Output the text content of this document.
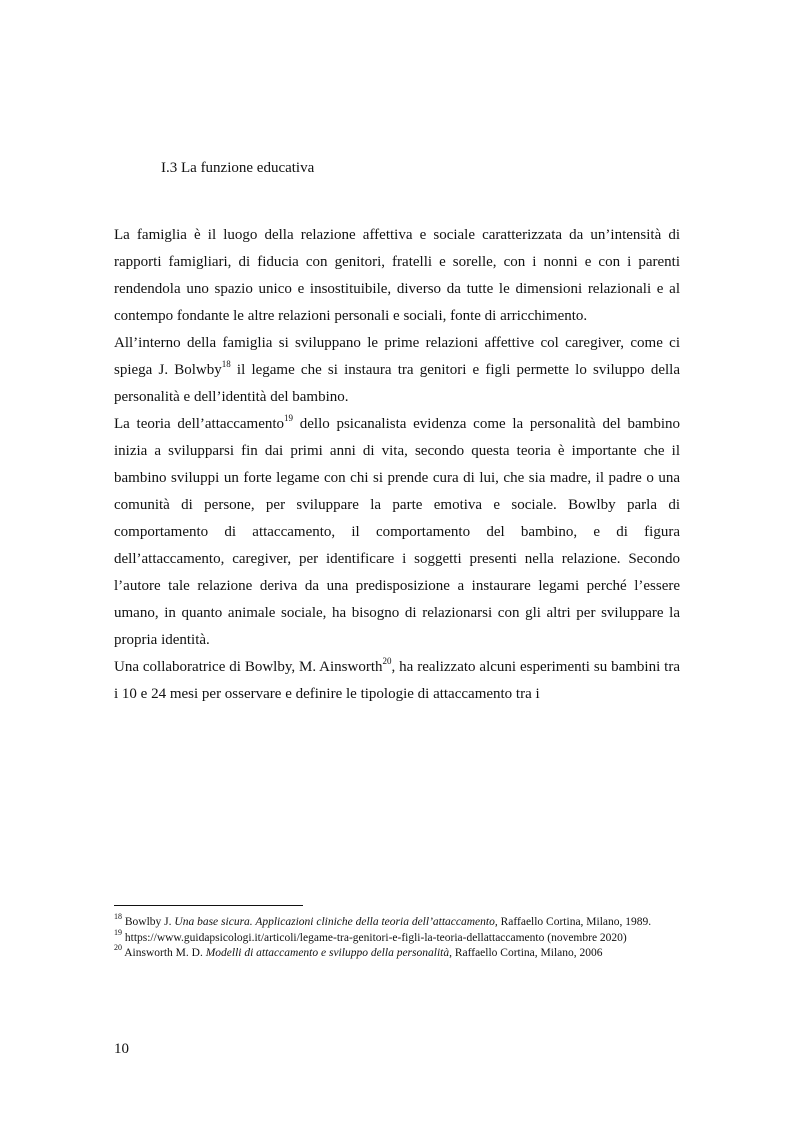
I.3 La funzione educativa

La famiglia è il luogo della relazione affettiva e sociale caratterizzata da un’intensità di rapporti famigliari, di fiducia con genitori, fratelli e sorelle, con i nonni e con i parenti rendendola uno spazio unico e insostituibile, diverso da tutte le dimensioni relazionali e al contempo fondante le altre relazioni personali e sociali, fonte di arricchimento.

All’interno della famiglia si sviluppano le prime relazioni affettive col caregiver, come ci spiega J. Bolwby$^{18}$ il legame che si instaura tra genitori e figli permette lo sviluppo della personalità e dell’identità del bambino.

La teoria dell’attaccamento$^{19}$ dello psicanalista evidenza come la personalità del bambino inizia a svilupparsi fin dai primi anni di vita, secondo questa teoria è importante che il bambino sviluppi un forte legame con chi si prende cura di lui, che sia madre, il padre o una comunità di persone, per sviluppare la parte emotiva e sociale. Bowlby parla di comportamento di attaccamento, il comportamento del bambino, e di figura dell’attaccamento, caregiver, per identificare i soggetti presenti nella relazione. Secondo l’autore tale relazione deriva da una predisposizione a instaurare legami perché l’essere umano, in quanto animale sociale, ha bisogno di relazionarsi con gli altri per sviluppare la propria identità.

Una collaboratrice di Bowlby, M. Ainsworth$^{20}$, ha realizzato alcuni esperimenti su bambini tra i 10 e 24 mesi per osservare e definire le tipologie di attaccamento tra i

$^{18}$ Bowlby J. Una base sicura. Applicazioni cliniche della teoria dell’attaccamento, Raffaello Cortina, Milano, 1989.

$^{19}$ https://www.guidapsicologi.it/articoli/legame-tra-genitori-e-figli-la-teoria-dellattaccamento (novembre 2020)

$^{20}$ Ainsworth M. D. Modelli di attaccamento e sviluppo della personalità, Raffaello Cortina, Milano, 2006

10
